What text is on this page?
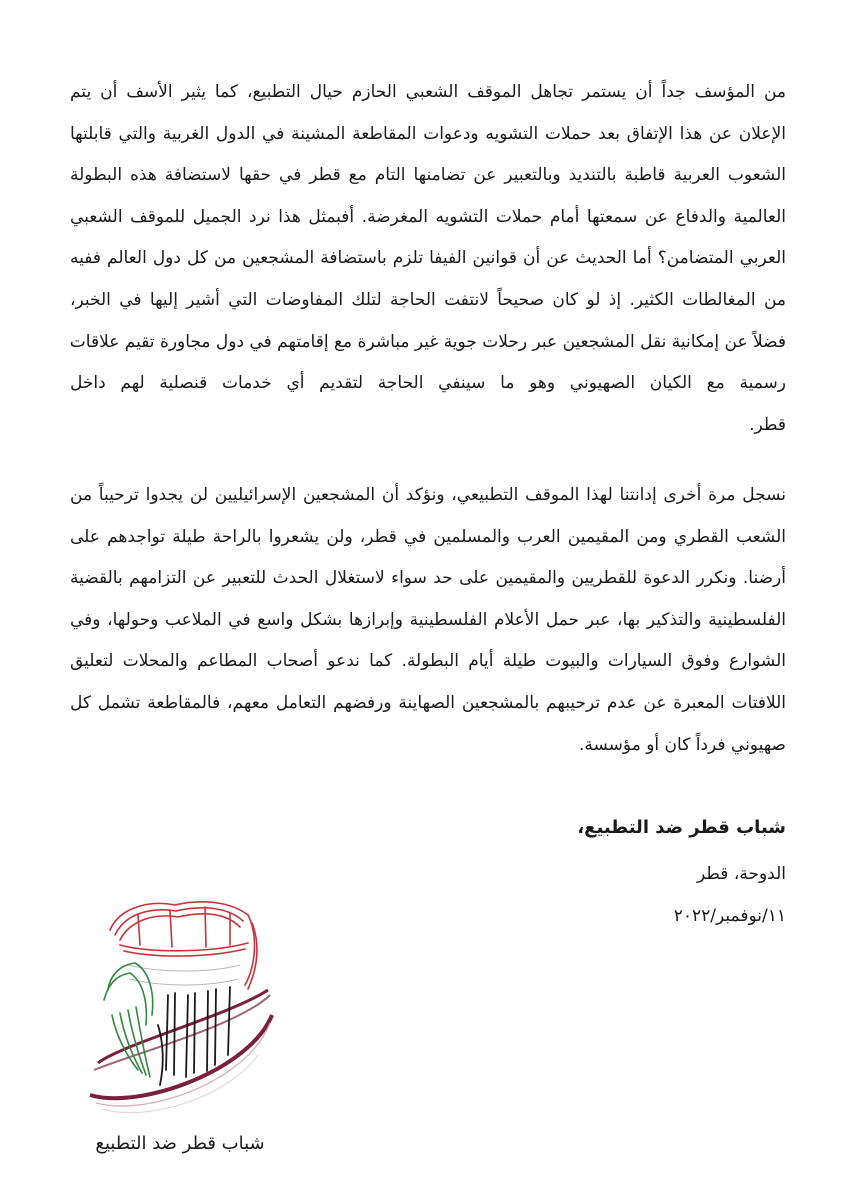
من المؤسف جداً أن يستمر تجاهل الموقف الشعبي الحازم حيال التطبيع، كما يثير الأسف أن يتم
الإعلان عن هذا الإتفاق بعد حملات التشويه ودعوات المقاطعة المشينة في الدول الغربية والتي قابلتها
الشعوب العربية قاطبة بالتنديد وبالتعبير عن تضامنها التام مع قطر في حقها لاستضافة هذه البطولة
العالمية والدفاع عن سمعتها أمام حملات التشويه المغرضة. أفبمثل هذا نرد الجميل للموقف الشعبي
العربي المتضامن؟ أما الحديث عن أن قوانين الفيفا تلزم باستضافة المشجعين من كل دول العالم ففيه
من المغالطات الكثير. إذ لو كان صحيحاً لانتفت الحاجة لتلك المفاوضات التي أشير إليها في الخبر،
فضلاً عن إمكانية نقل المشجعين عبر رحلات جوية غير مباشرة مع إقامتهم في دول مجاورة تقيم علاقات
رسمية مع الكيان الصهيوني وهو ما سينفي الحاجة لتقديم أي خدمات قنصلية لهم داخل
قطر.
نسجل مرة أخرى إدانتنا لهذا الموقف التطبيعي، ونؤكد أن المشجعين الإسرائيليين لن يجدوا ترحيباً من
الشعب القطري ومن المقيمين العرب والمسلمين في قطر، ولن يشعروا بالراحة طيلة تواجدهم على
أرضنا. ونكرر الدعوة للقطريين والمقيمين على حد سواء لاستغلال الحدث للتعبير عن التزامهم بالقضية
الفلسطينية والتذكير بها، عبر حمل الأعلام الفلسطينية وإبرازها بشكل واسع في الملاعب وحولها، وفي
الشوارع وفوق السيارات والبيوت طيلة أيام البطولة. كما ندعو أصحاب المطاعم والمحلات لتعليق
اللافتات المعبرة عن عدم ترحيبهم بالمشجعين الصهاينة ورفضهم التعامل معهم، فالمقاطعة تشمل كل
صهيوني فرداً كان أو مؤسسة.
شباب قطر ضد التطبيع،
الدوحة، قطر
١١/نوفمبر/٢٠٢٢
شباب قطر ضد التطبيع
